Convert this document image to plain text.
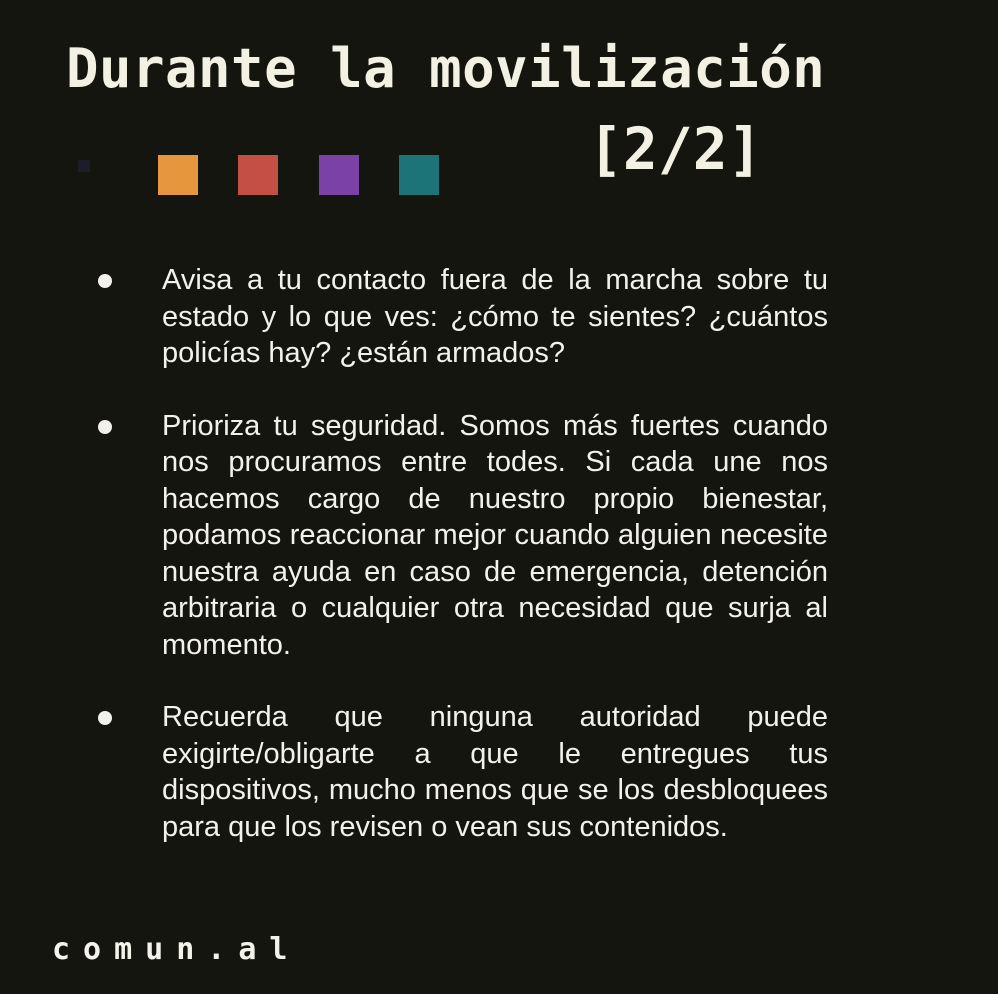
Durante la movilización
[2/2]
Avisa a tu contacto fuera de la marcha sobre tu estado y lo que ves: ¿cómo te sientes? ¿cuántos policías hay? ¿están armados?
Prioriza tu seguridad. Somos más fuertes cuando nos procuramos entre todes. Si cada une nos hacemos cargo de nuestro propio bienestar, podamos reaccionar mejor cuando alguien necesite nuestra ayuda en caso de emergencia, detención arbitraria o cualquier otra necesidad que surja al momento.
Recuerda que ninguna autoridad puede exigirte/obligarte a que le entregues tus dispositivos, mucho menos que se los desbloquees para que los revisen o vean sus contenidos.
comun.al
